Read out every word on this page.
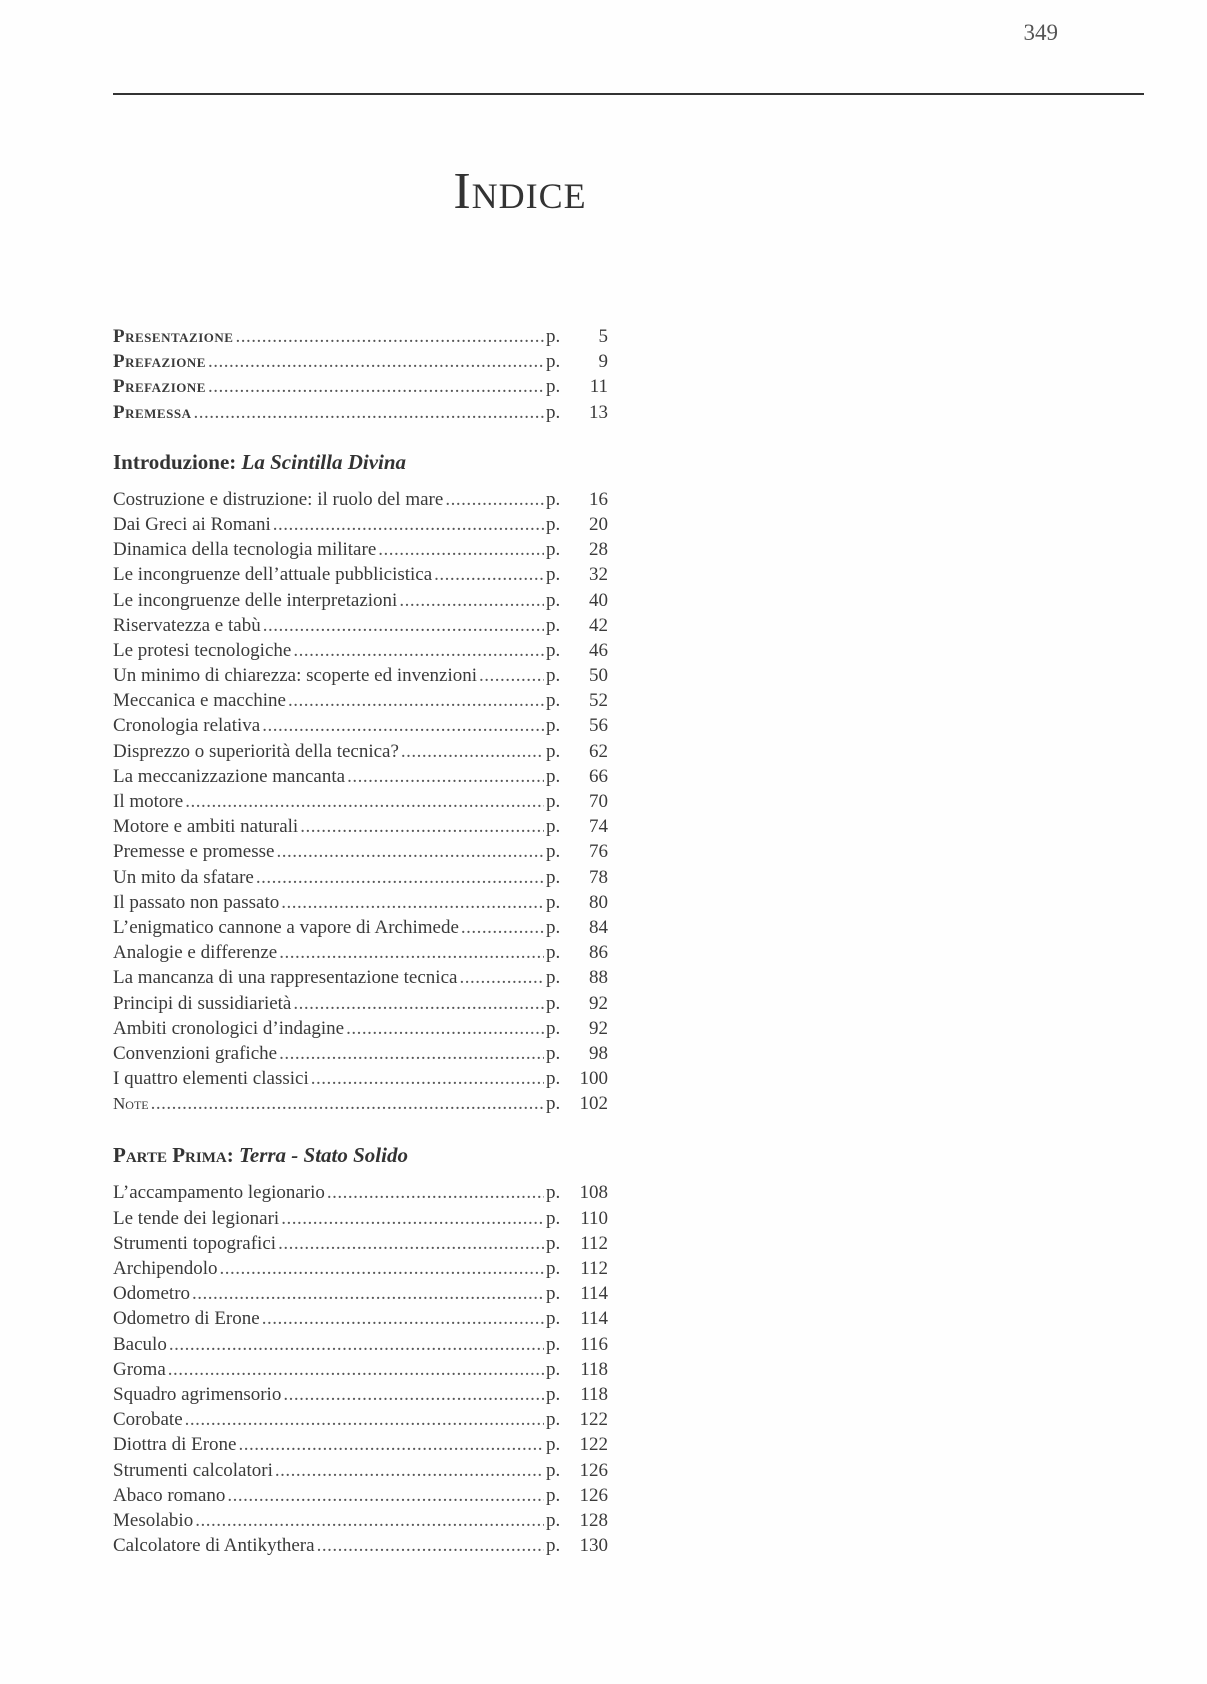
349
Indice
Presentazione .....	p.	5
Prefazione .....	p.	9
Prefazione .....	p.	11
Premessa .....	p.	13
Introduzione: La Scintilla Divina
Costruzione e distruzione: il ruolo del mare .....	p.	16
Dai Greci ai Romani .....	p.	20
Dinamica della tecnologia militare .....	p.	28
Le incongruenze dell’attuale pubblicistica .....	p.	32
Le incongruenze delle interpretazioni .....	p.	40
Riservatezza e tabù .....	p.	42
Le protesi tecnologiche .....	p.	46
Un minimo di chiarezza: scoperte ed invenzioni .....	p.	50
Meccanica e macchine .....	p.	52
Cronologia relativa .....	p.	56
Disprezzo o superiorità della tecnica? .....	p.	62
La meccanizzazione mancanta .....	p.	66
Il motore .....	p.	70
Motore e ambiti naturali .....	p.	74
Premesse e promesse .....	p.	76
Un mito da sfatare .....	p.	78
Il passato non passato .....	p.	80
L’enigmatico cannone a vapore di Archimede .....	p.	84
Analogie e differenze .....	p.	86
La mancanza di una rappresentazione tecnica .....	p.	88
Principi di sussidiarietà .....	p.	92
Ambiti cronologici d’indagine .....	p.	92
Convenzioni grafiche .....	p.	98
I quattro elementi classici .....	p.	100
Note .....	p.	102
Parte Prima: Terra - Stato Solido
L’accampamento legionario .....	p.	108
Le tende dei legionari .....	p.	110
Strumenti topografici .....	p.	112
Archipendolo .....	p.	112
Odometro .....	p.	114
Odometro di Erone .....	p.	114
Baculo .....	p.	116
Groma .....	p.	118
Squadro agrimensorio .....	p.	118
Corobate .....	p.	122
Diottra di Erone .....	p.	122
Strumenti calcolatori .....	p.	126
Abaco romano .....	p.	126
Mesolabio .....	p.	128
Calcolatore di Antikythera .....	p.	130
